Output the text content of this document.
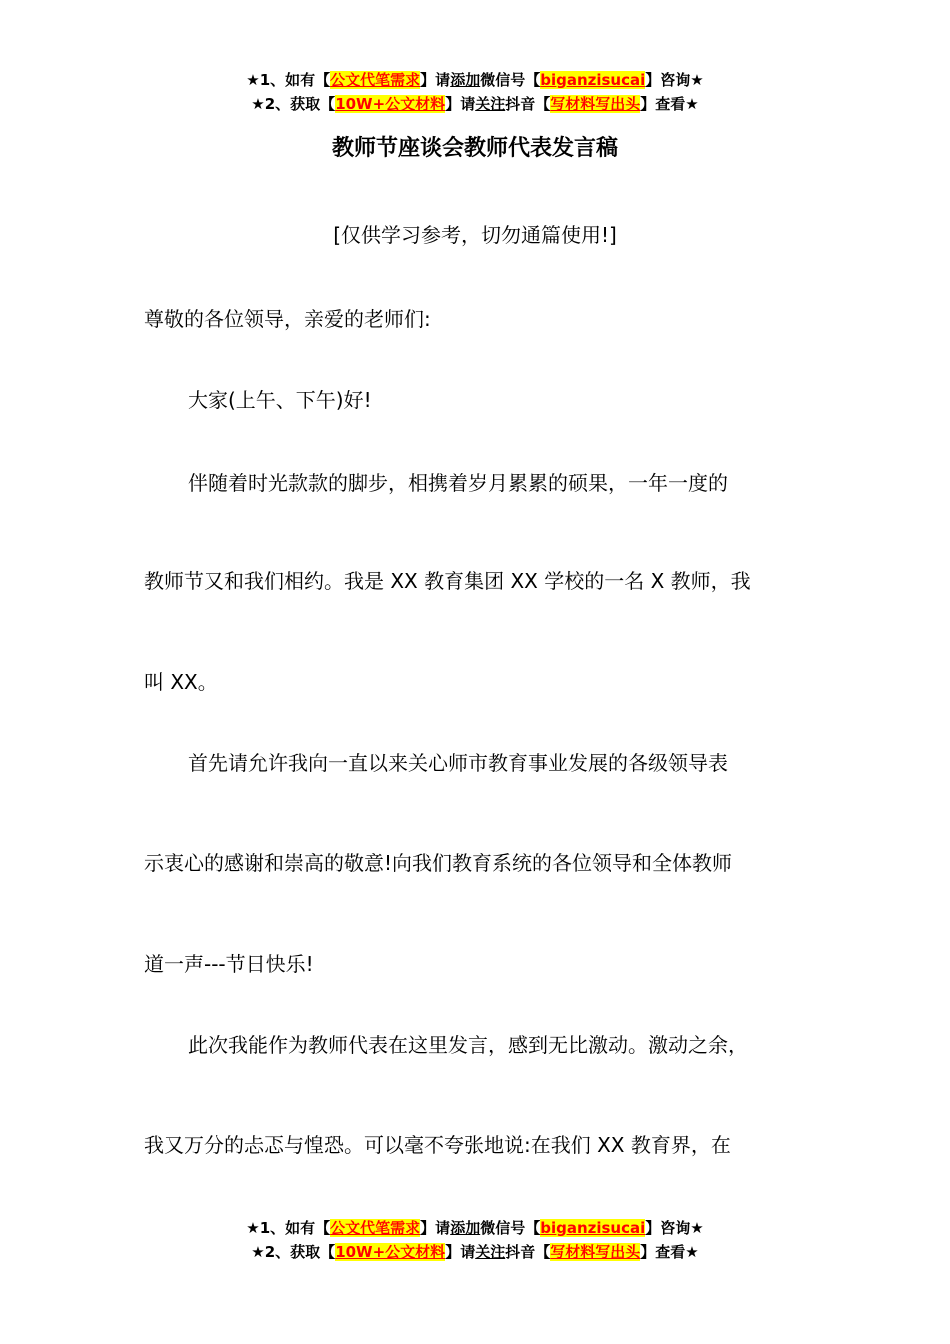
★1、如有【公文代笔需求】请添加微信号【biganzisucai】咨询★
★2、获取【10W+公文材料】请关注抖音【写材料写出头】查看★
教师节座谈会教师代表发言稿
[仅供学习参考，切勿通篇使用!]
尊敬的各位领导，亲爱的老师们:
大家(上午、下午)好!
伴随着时光款款的脚步，相携着岁月累累的硕果，一年一度的
教师节又和我们相约。我是 XX 教育集团 XX 学校的一名 X 教师，我
叫 XX。
首先请允许我向一直以来关心师市教育事业发展的各级领导表
示衷心的感谢和崇高的敬意!向我们教育系统的各位领导和全体教师
道一声---节日快乐!
此次我能作为教师代表在这里发言，感到无比激动。激动之余，
我又万分的忐忑与惶恐。可以毫不夸张地说:在我们 XX 教育界，在
★1、如有【公文代笔需求】请添加微信号【biganzisucai】咨询★
★2、获取【10W+公文材料】请关注抖音【写材料写出头】查看★
